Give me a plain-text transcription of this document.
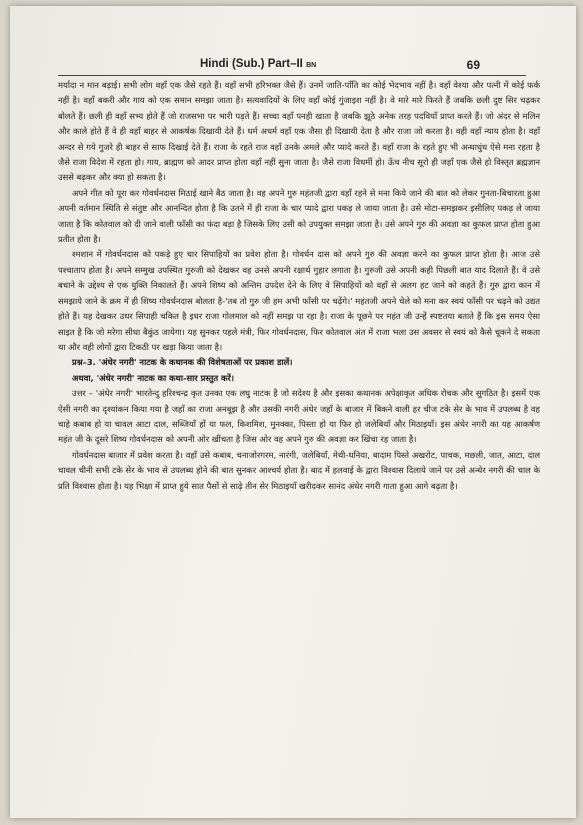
Hindi (Sub.) Part–II BN	69

मर्यादा न मान बड़ाई। सभी लोग वहाँ एक जैसे रहते हैं। वहाँ सभी हरिभक्त जैसे हैं। उनमें जाति-पाँति का कोई भेदभाव नहीं है। वहाँ वेश्या और पत्नी में कोई फर्क नहीं है। वहाँ बकरी और गाय को एक समान समझा जाता है। सत्यवादियों के लिए वहाँ कोई गुंजाइश नहीं है। वे मारे मारे फिरते हैं जबकि छली दुष्ट सिर चढ़कर बोलते हैं। छली ही वहाँ सभ्य होते हैं जो राजसभा पर भारी पड़ते हैं। सच्चा वहाँ पनही खाता है जबकि झूठे अनेक तरह पदवियाँ प्राप्त करते हैं। जो अंदर से मलिन और काले होते हैं वे ही वहाँ बाहर से आकर्षक दिखायी देते हैं। धर्म अधर्म वहाँ एक जैसा ही दिखायी देता है और राजा जो करता है। वही वहाँ न्याय होता है। वहाँ अन्दर से गये गुजरे ही बाहर से साफ दिखाई देते हैं। राजा के रहते राज वहाँ उनके अमले और प्यादे करते हैं। वहाँ राजा के रहते हुए भी अन्धाधुंध ऐसे मना रहता है जैसे राजा विदेश में रहता हो। गाय, ब्राह्मण को आदर प्राप्त होता वहाँ नहीं सुना जाता है। जैसे राजा विधर्मी हो। ऊँच नीच सूरो ही जहाँ एक जैसे हो विस्तृत ब्रह्मज्ञान उससे बढ़कर और क्या हो सकता है।

अपने गीत को पूरा कर गोवर्धनदास मिठाई खाने बैठ जाता है। वह अपने गुरु महंतजी द्वारा वहाँ रहने से मना किये जाने की बात को लेकर गुनता-बिचारता हुआ अपनी वर्तमान स्थिति से संतुष्ट और आनन्दित होता है कि उतने में ही राजा के चार प्यादे द्वारा पकड़ ले जाया जाता है। उसे मोटा-समझकर इसीलिए पकड़ ले जाया जाता है कि कोतवाल को दी जाने वाली फाँसी का फंदा बड़ा है जिसके लिए उसी को उपयुक्त समझा जाता है। उसे अपने गुरु की अवज्ञा का कुफल प्राप्त होता हुआ प्रतीत होता है।

श्मशान में गोवर्धनदास को पकड़े हुए चार सिपाहियों का प्रवेश होता है। गोवर्धन दास को अपने गुरु की अवज्ञा करने का कुफल प्राप्त होता है। आज उसे पश्चाताप होता है। अपने सम्मुख उपस्थित गुरुजी को देखकर वह उनसे अपनी रक्षार्थ गुहार लगाता है। गुरुजी उसे अपनी कही पिछली बात याद दिलाते हैं। वे उसे बचाने के उद्देश्य से एक युक्ति निकालते हैं। अपने शिष्य को अन्तिम उपदेश देने के लिए वे सिपाहियों को वहाँ से अलग हट जाने को कहते हैं। गुरु द्वारा कान में समझाये जाने के क्रम में ही शिष्य गोवर्धनदास बोलता है-'तब तो गुरु जी हम अभी फाँसी पर चढ़ेंगे।' महंतजी अपने चेले को मना कर स्वयं फाँसी पर चढ़ने को उद्यत होते हैं। यह देखकर उधर सिपाही चकित है इधर राजा गोलमाल को नहीं समझ पा रहा है। राजा के पूछने पर महंत जी उन्हें स्पष्टतया बताते हैं कि इस समय ऐसा साइत है कि जो मरेगा सीधा बैकुंठ जायेगा। यह सुनकर पहले मंत्री, फिर गोवर्धनदास, फिर कोतवाल अंत में राजा भला उस अवसर से स्वयं को कैसे चूकने दे सकता था और वही लोगों द्वारा टिकठी पर खड़ा किया जाता है।

प्रश्न–3. 'अंधेर नगरी' नाटक के कथानक की विशेषताओं पर प्रकाश डालें।

अथवा, 'अंधेर नगरी' नाटक का कथा-सार प्रस्तुत करें।

उत्तर – 'अंधेर नगरी' भारतेन्दु हरिश्चन्द्र कृत उनका एक लघु नाटक है जो सदेश्य है और इसका कथानक अपेक्षाकृत अधिक रोचक और सुगठित है। इसमें एक ऐसी नगरी का दृश्यांकन किया गया है जहाँ का राजा अनबूझ है और उसकी नगरी अंधेर जहाँ के बाजार में बिकने वाली हर चीज टके सेर के भाव में उपलब्ध है वह चाहे कबाब हो या चावल आटा दाल, सब्जियाँ हों या फल, किशमिश, मुनक्का, पिस्ता हो या फिर हो जलेबियाँ और मिठाइयाँ। इस अंधेर नगरी का यह आकर्षण महंत जी के दूसरे शिष्य गोवर्धनदास को अपनी ओर खींचता है जिस ओर वह अपने गुरु की अवज्ञा कर खिंचा रह जाता है।

गोवर्धनदास बाजार में प्रवेश करता है। वहाँ उसे कबाब, चनाजोरगरम, नारंगी, जलेबियाँ, मेथी-धनिया, बादाम पिस्ते अखरोट, पाचक, मछली, जात, आटा, दाल चावल चीनी सभी टके सेर के भाव से उपलब्ध होने की बात सुनकर आश्चर्य होता है। बाद में हलवाई के द्वारा विश्वास दिलाये जाने पर उसे अन्धेर नगरी की चाल के प्रति विश्वास होता है। यह भिक्षा में प्राप्त हुये सात पैसों से साढ़े तीन सेर मिठाइयाँ खरीदकर सानंद अंधेर नगरी गाता हुआ आगे बढ़ता है।
